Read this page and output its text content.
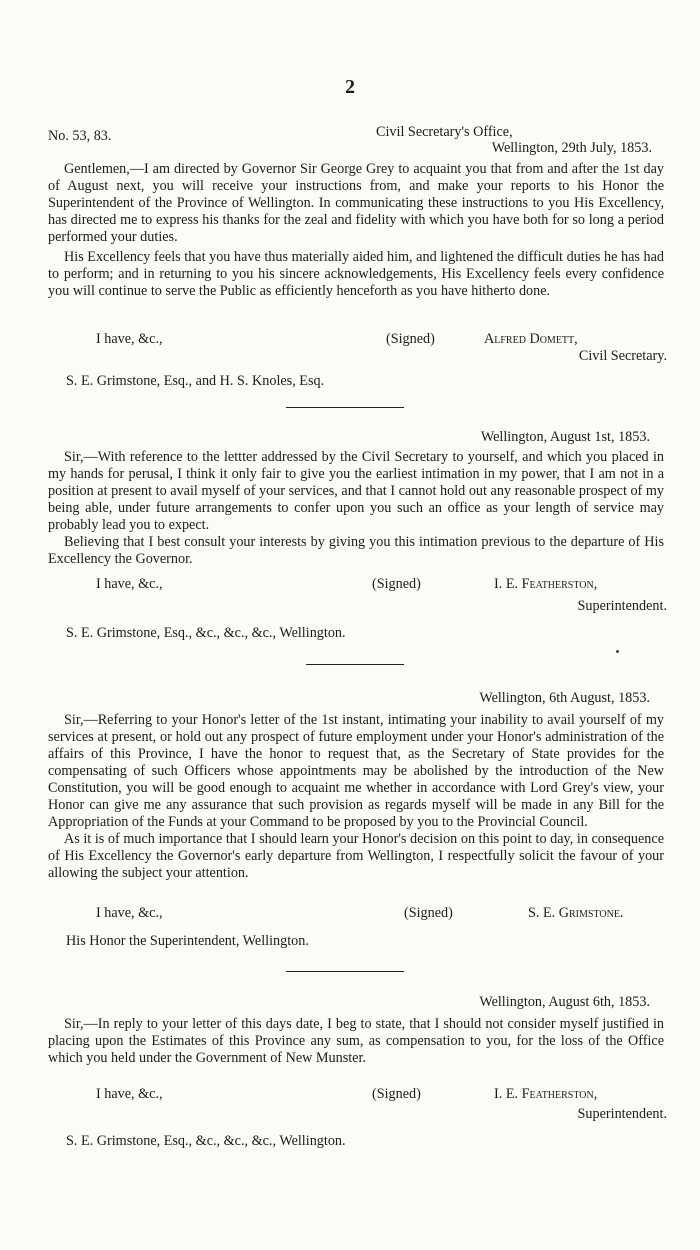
2
No. 53, 83.	Civil Secretary's Office,
Wellington, 29th July, 1853.

Gentlemen,—I am directed by Governor Sir George Grey to acquaint you that from and after the 1st day of August next, you will receive your instructions from, and make your reports to his Honor the Superintendent of the Province of Wellington. In communicating these instructions to you His Excellency, has directed me to express his thanks for the zeal and fidelity with which you have both for so long a period performed your duties.

His Excellency feels that you have thus materially aided him, and lightened the difficult duties he has had to perform; and in returning to you his sincere acknowledgements, His Excellency feels every confidence you will continue to serve the Public as efficiently henceforth as you have hitherto done.

I have, &c.,	(Signed)	Alfred Domett,
Civil Secretary.
S. E. Grimstone, Esq., and H. S. Knoles, Esq.
Wellington, August 1st, 1853.

Sir,—With reference to the lettter addressed by the Civil Secretary to yourself, and which you placed in my hands for perusal, I think it only fair to give you the earliest intimation in my power, that I am not in a position at present to avail myself of your services, and that I cannot hold out any reasonable prospect of my being able, under future arrangements to confer upon you such an office as your length of service may probably lead you to expect.

Believing that I best consult your interests by giving you this intimation previous to the departure of His Excellency the Governor.

I have, &c.,	(Signed)	I. E. Featherston,
Superintendent.
S. E. Grimstone, Esq., &c., &c., &c., Wellington.
Wellington, 6th August, 1853.

Sir,—Referring to your Honor's letter of the 1st instant, intimating your inability to avail yourself of my services at present, or hold out any prospect of future employment under your Honor's administration of the affairs of this Province, I have the honor to request that, as the Secretary of State provides for the compensating of such Officers whose appointments may be abolished by the introduction of the New Constitution, you will be good enough to acquaint me whether in accordance with Lord Grey's view, your Honor can give me any assurance that such provision as regards myself will be made in any Bill for the Appropriation of the Funds at your Command to be proposed by you to the Provincial Council.

As it is of much importance that I should learn your Honor's decision on this point to day, in consequence of His Excellency the Governor's early departure from Wellington, I respectfully solicit the favour of your allowing the subject your attention.

I have, &c.,	(Signed)	S. E. Grimstone.
His Honor the Superintendent, Wellington.
Wellington, August 6th, 1853.

Sir,—In reply to your letter of this days date, I beg to state, that I should not consider myself justified in placing upon the Estimates of this Province any sum, as compensation to you, for the loss of the Office which you held under the Government of New Munster.

I have, &c.,	(Signed)	I. E. Featherston,
Superintendent.
S. E. Grimstone, Esq., &c., &c., &c., Wellington.
